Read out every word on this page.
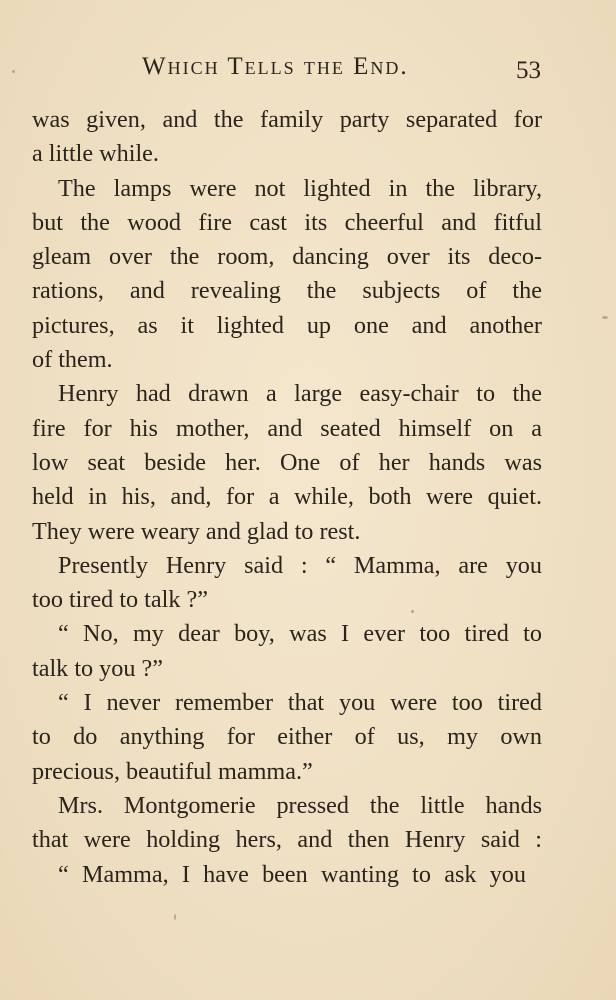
Which Tells the End.	53
was given, and the family party separated for
a little while.
The lamps were not lighted in the library,
but the wood fire cast its cheerful and fitful
gleam over the room, dancing over its deco-
rations, and revealing the subjects of the
pictures, as it lighted up one and another
of them.
Henry had drawn a large easy-chair to the
fire for his mother, and seated himself on a
low seat beside her. One of her hands was
held in his, and, for a while, both were quiet.
They were weary and glad to rest.
Presently Henry said : “ Mamma, are you
too tired to talk ?”
“ No, my dear boy, was I ever too tired to
talk to you ?”
“ I never remember that you were too tired
to do anything for either of us, my own
precious, beautiful mamma.”
Mrs. Montgomerie pressed the little hands
that were holding hers, and then Henry said :
“ Mamma, I have been wanting to ask you
